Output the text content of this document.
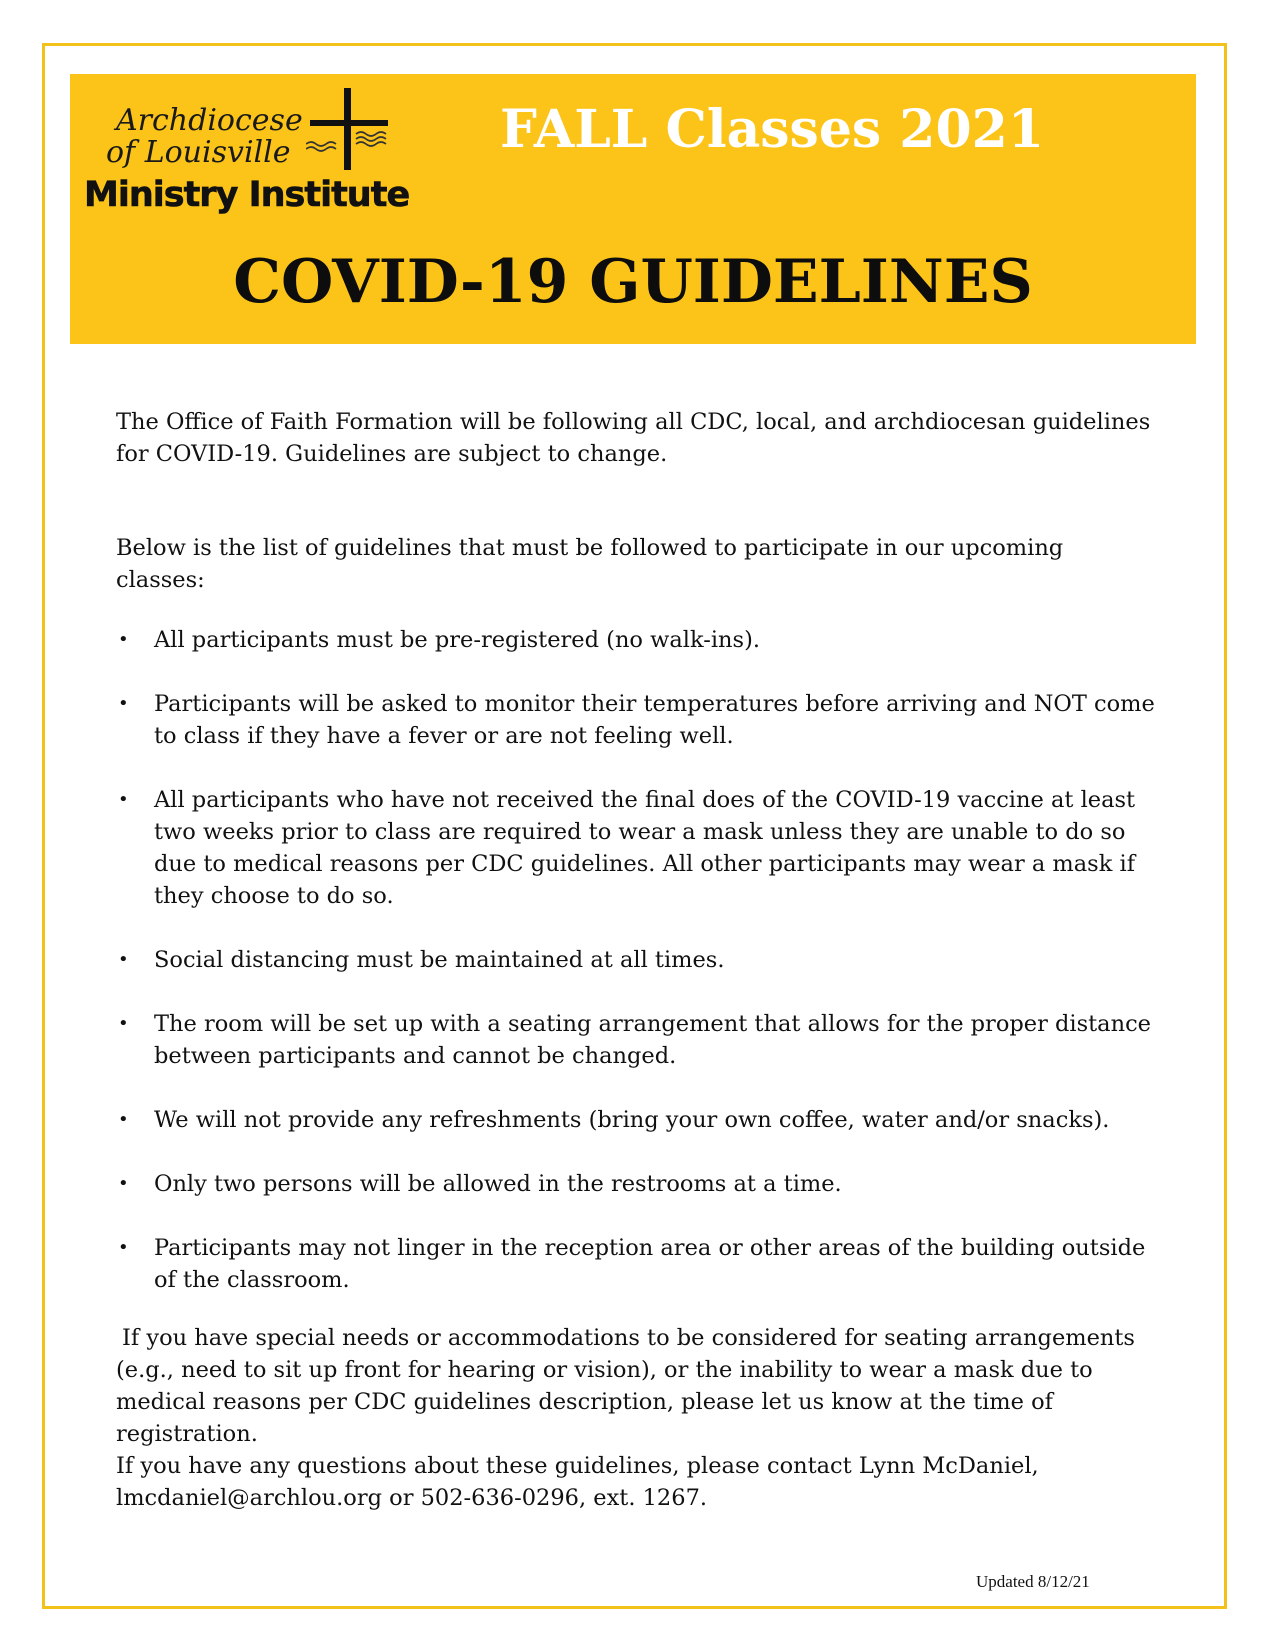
Archdiocese
of Louisville
Ministry Institute
FALL Classes 2021
COVID-19 GUIDELINES

The Office of Faith Formation will be following all CDC, local, and archdiocesan guidelines for COVID-19. Guidelines are subject to change.

Below is the list of guidelines that must be followed to participate in our upcoming classes:

• All participants must be pre-registered (no walk-ins).
• Participants will be asked to monitor their temperatures before arriving and NOT come to class if they have a fever or are not feeling well.
• All participants who have not received the final does of the COVID-19 vaccine at least two weeks prior to class are required to wear a mask unless they are unable to do so due to medical reasons per CDC guidelines. All other participants may wear a mask if they choose to do so.
• Social distancing must be maintained at all times.
• The room will be set up with a seating arrangement that allows for the proper distance between participants and cannot be changed.
• We will not provide any refreshments (bring your own coffee, water and/or snacks).
• Only two persons will be allowed in the restrooms at a time.
• Participants may not linger in the reception area or other areas of the building outside of the classroom.

If you have special needs or accommodations to be considered for seating arrangements (e.g., need to sit up front for hearing or vision), or the inability to wear a mask due to medical reasons per CDC guidelines description, please let us know at the time of registration.

If you have any questions about these guidelines, please contact Lynn McDaniel, lmcdaniel@archlou.org or 502-636-0296, ext. 1267.

Updated 8/12/21
